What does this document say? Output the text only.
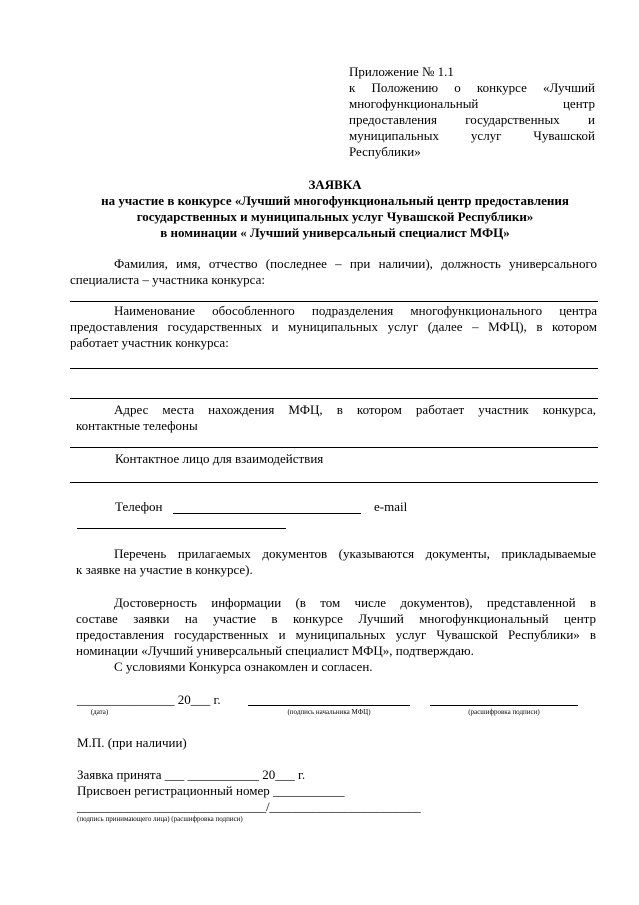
Приложение № 1.1
к Положению о конкурсе «Лучший
многофункциональный центр
предоставления государственных и
муниципальных услуг Чувашской
Республики»
ЗАЯВКА
на участие в конкурсе «Лучший многофункциональный центр предоставления
государственных и муниципальных услуг Чувашской Республики»
в номинации « Лучший универсальный специалист МФЦ»
Фамилия, имя, отчество (последнее – при наличии), должность универсального
специалиста – участника конкурса:
Наименование обособленного подразделения многофункционального центра
предоставления государственных и муниципальных услуг (далее – МФЦ), в котором
работает участник конкурса:
Адрес места нахождения МФЦ, в котором работает участник конкурса,
контактные телефоны
Контактное лицо для взаимодействия
Телефон	e-mail
Перечень прилагаемых документов (указываются документы, прикладываемые
к заявке на участие в конкурсе).
Достоверность информации (в том числе документов), представленной в
составе заявки на участие в конкурсе Лучший многофункциональный центр
предоставления государственных и муниципальных услуг Чувашской Республики» в
номинации «Лучший универсальный специалист МФЦ», подтверждаю.
С условиями Конкурса ознакомлен и согласен.
_______________ 20___ г.
(дата)	(подпись начальника МФЦ)	(расшифровка подписи)
М.П. (при наличии)
Заявка принята ___ ___________ 20___ г.
Присвоен регистрационный номер ___________
______________________________/________________________
(подпись принимающего лица) (расшифровка подписи)
